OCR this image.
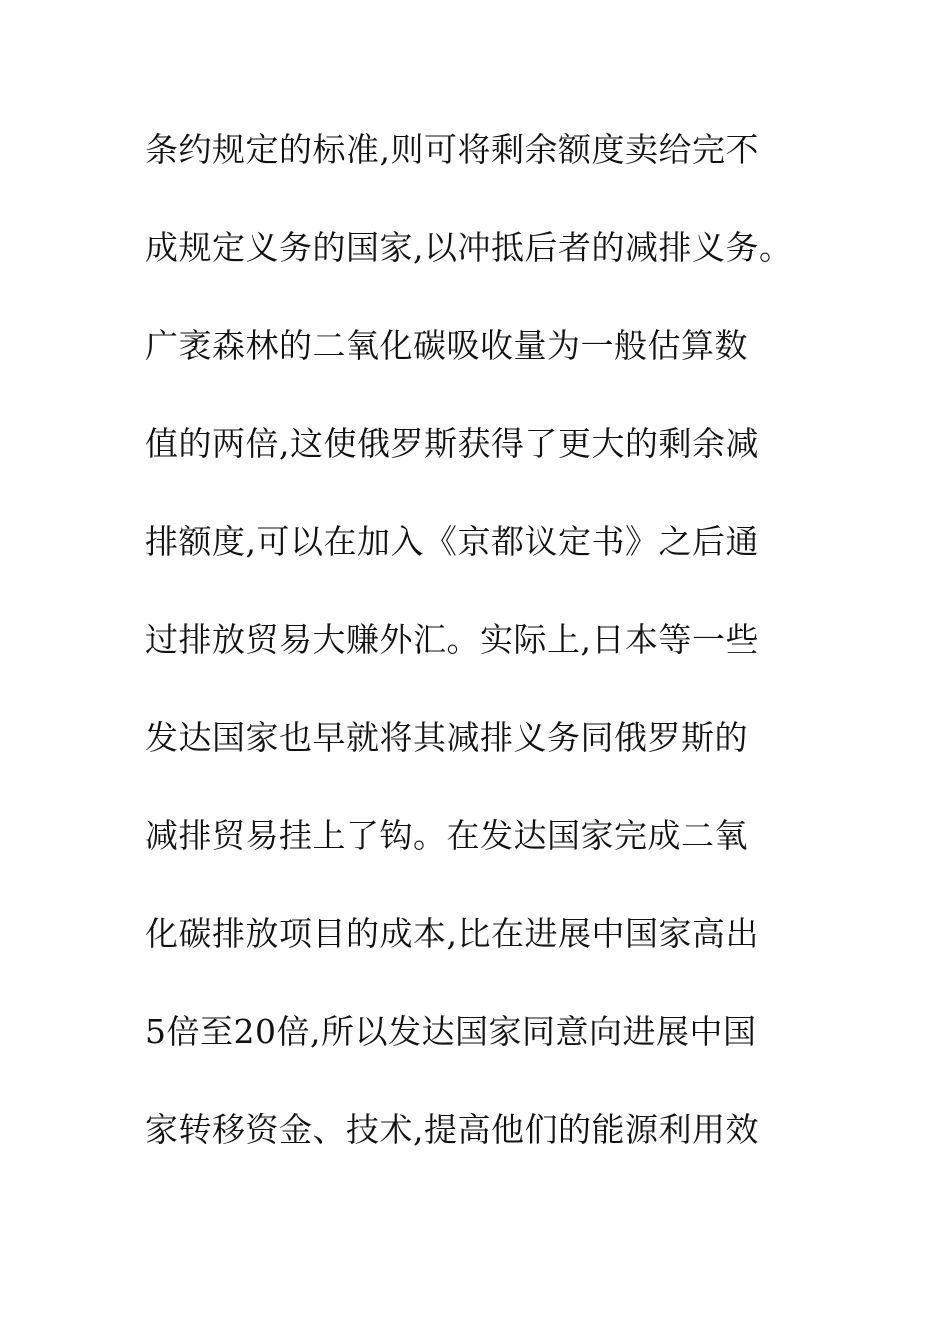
条约规定的标准,则可将剩余额度卖给完不
成规定义务的国家,以冲抵后者的减排义务。
广袤森林的二氧化碳吸收量为一般估算数
值的两倍,这使俄罗斯获得了更大的剩余减
排额度,可以在加入《京都议定书》之后通
过排放贸易大赚外汇。实际上,日本等一些
发达国家也早就将其减排义务同俄罗斯的
减排贸易挂上了钩。在发达国家完成二氧
化碳排放项目的成本,比在进展中国家高出
5倍至20倍,所以发达国家同意向进展中国
家转移资金、技术,提高他们的能源利用效
